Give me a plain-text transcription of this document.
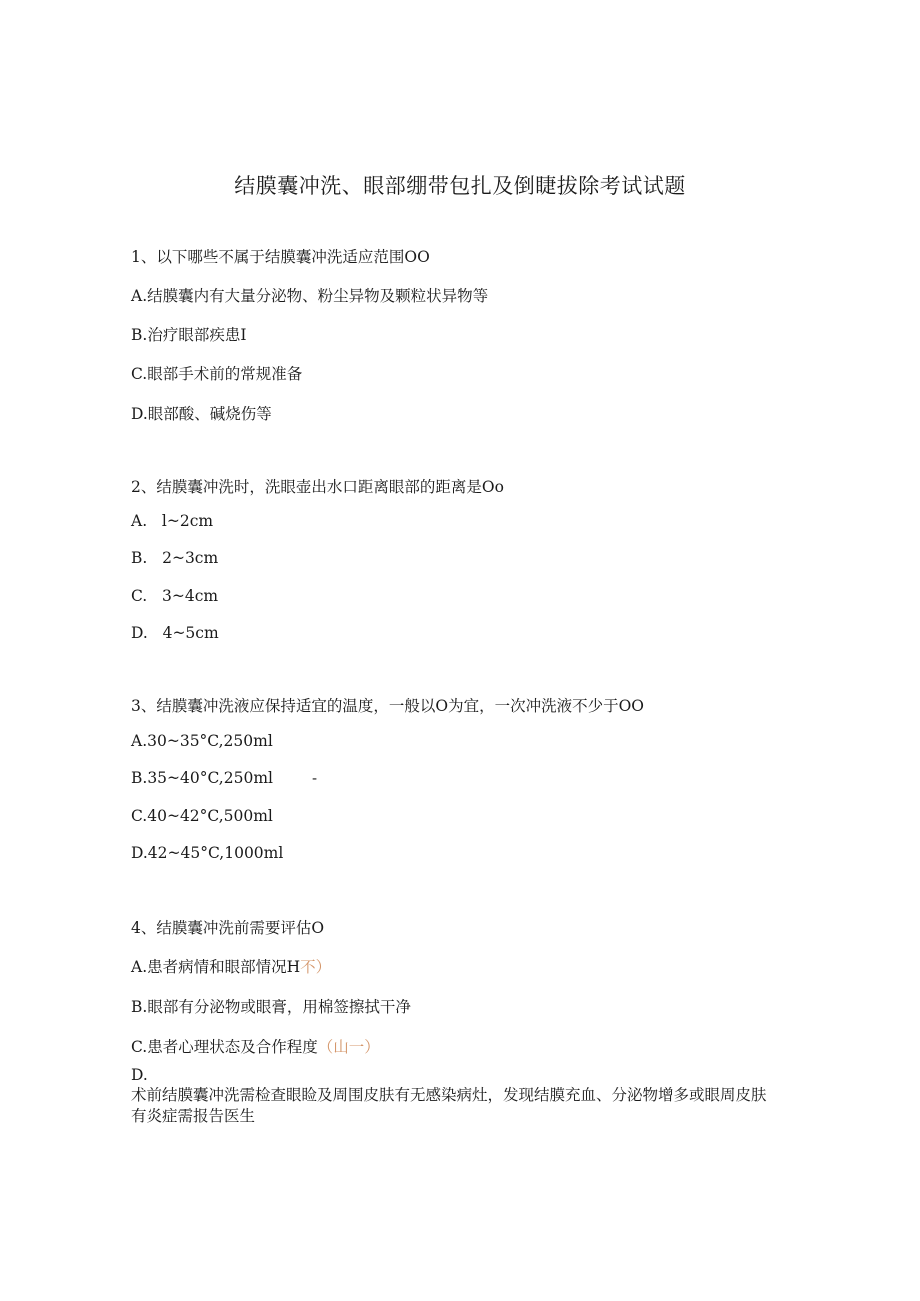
结膜囊冲洗、眼部绷带包扎及倒睫拔除考试试题
1、以下哪些不属于结膜囊冲洗适应范围OO
A.结膜囊内有大量分泌物、粉尘异物及颗粒状异物等
B.治疗眼部疾患I
C.眼部手术前的常规准备
D.眼部酸、碱烧伤等
2、结膜囊冲洗时，洗眼壶出水口距离眼部的距离是Oo
A.   l~2cm
B.   2~3cm
C.   3~4cm
D.   4~5cm
3、结膜囊冲洗液应保持适宜的温度，一般以O为宜，一次冲洗液不少于OO
A.30~35°C,250ml
B.35~40°C,250ml	-
C.40~42°C,500ml
D.42~45°C,1000ml
4、结膜囊冲洗前需要评估O
A.患者病情和眼部情况H不）
B.眼部有分泌物或眼膏，用棉签擦拭干净
C.患者心理状态及合作程度（山一）
D.
术前结膜囊冲洗需检查眼睑及周围皮肤有无感染病灶，发现结膜充血、分泌物增多或眼周皮肤有炎症需报告医生
